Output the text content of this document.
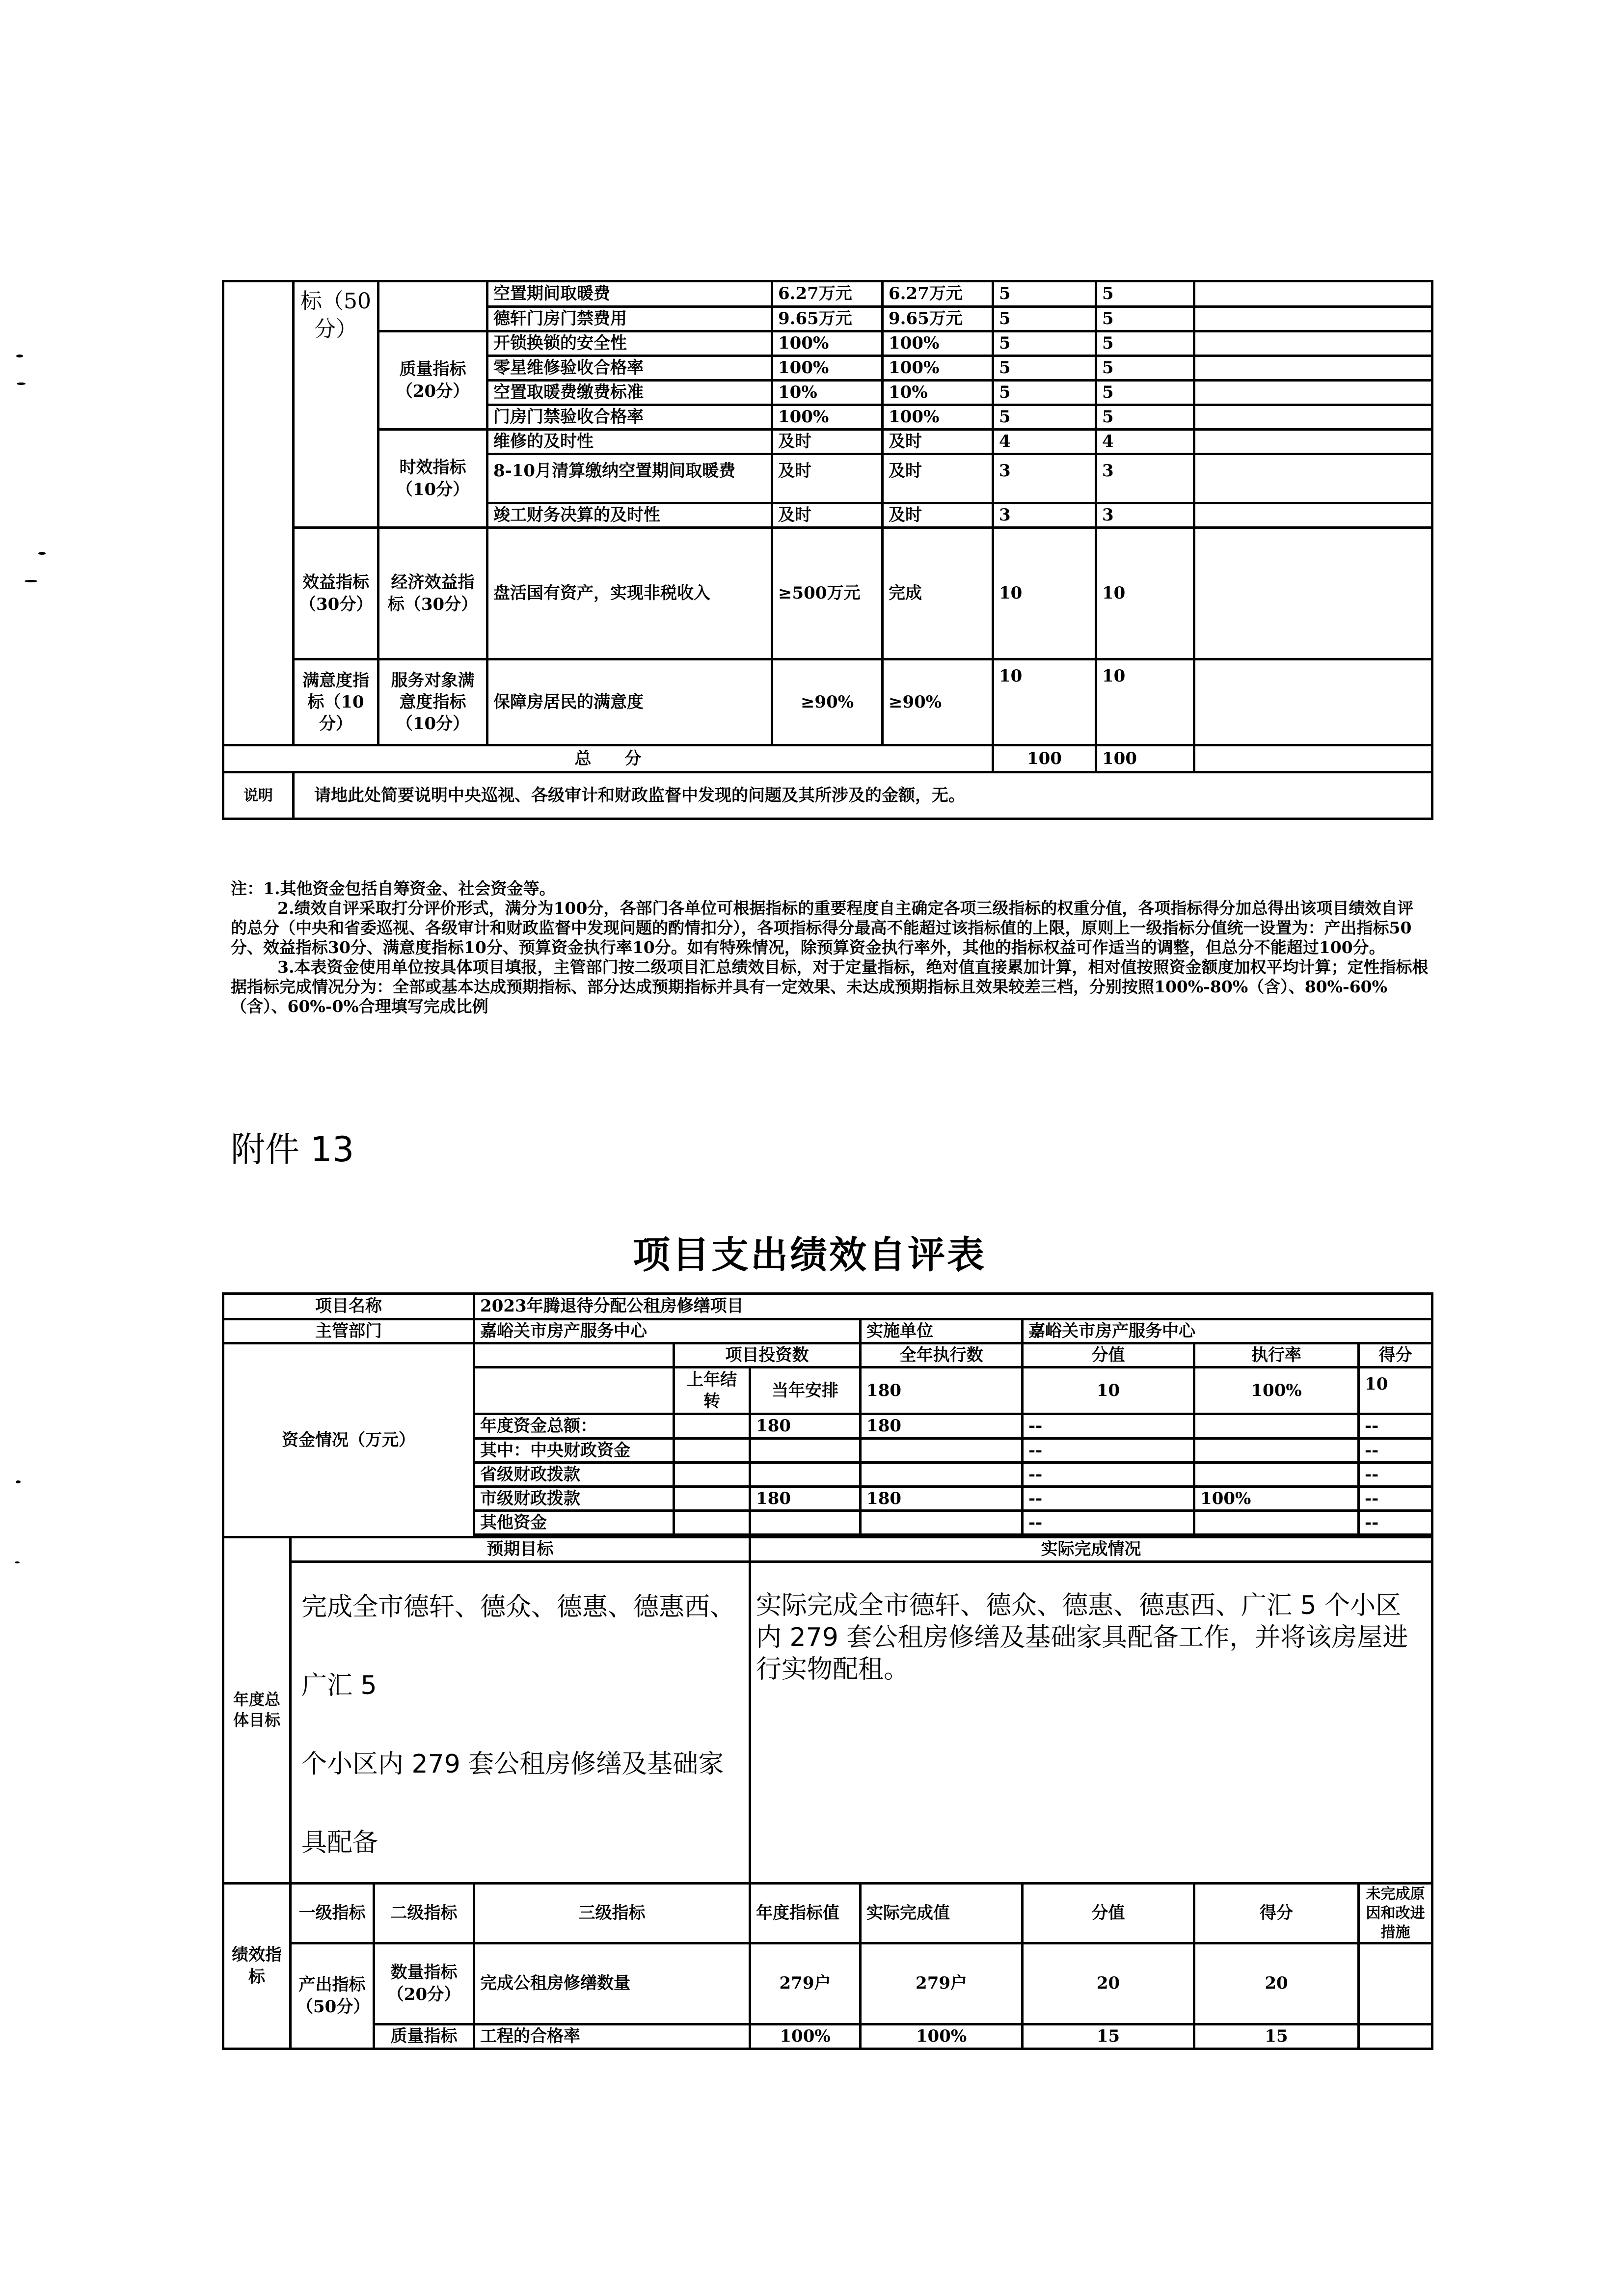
	标（50分）		空置期间取暖费	6.27万元	6.27万元	5	5	
			德轩门房门禁费用	9.65万元	9.65万元	5	5	
		质量指标（20分）	开锁换锁的安全性	100%	100%	5	5	
			零星维修验收合格率	100%	100%	5	5	
			空置取暖费缴费标准	10%	10%	5	5	
			门房门禁验收合格率	100%	100%	5	5	
		时效指标（10分）	维修的及时性	及时	及时	4	4	
			8-10月清算缴纳空置期间取暖费	及时	及时	3	3	
			竣工财务决算的及时性	及时	及时	3	3	
	效益指标（30分）	经济效益指标（30分）	盘活国有资产，实现非税收入	≥500万元	完成	10	10	
	满意度指标（10分）	服务对象满意度指标（10分）	保障房居民的满意度	≥90%	≥90%	10	10	
总　　分						100	100	
说明	请地此处简要说明中央巡视、各级审计和财政监督中发现的问题及其所涉及的金额，无。							

注：1.其他资金包括自筹资金、社会资金等。

2.绩效自评采取打分评价形式，满分为100分，各部门各单位可根据指标的重要程度自主确定各项三级指标的权重分值，各项指标得分加总得出该项目绩效自评的总分（中央和省委巡视、各级审计和财政监督中发现问题的酌情扣分），各项指标得分最高不能超过该指标值的上限，原则上一级指标分值统一设置为：产出指标50分、效益指标30分、满意度指标10分、预算资金执行率10分。如有特殊情况，除预算资金执行率外，其他的指标权益可作适当的调整，但总分不能超过100分。

3.本表资金使用单位按具体项目填报，主管部门按二级项目汇总绩效目标，对于定量指标，绝对值直接累加计算，相对值按照资金额度加权平均计算；定性指标根据指标完成情况分为：全部或基本达成预期指标、部分达成预期指标并具有一定效果、未达成预期指标且效果较差三档，分别按照100%-80%（含）、80%-60%（含）、60%-0%合理填写完成比例

附件 13
项目支出绩效自评表
项目名称			2023年腾退待分配公租房修缮项目						
主管部门			嘉峪关市房产服务中心			实施单位	嘉峪关市房产服务中心		
资金情况（万元）				项目投资数		全年执行数	分值	执行率	得分
				上年结转	当年安排	180	10	100%	10
			年度资金总额：		180	180	--		--
			其中：中央财政资金				--		--
			省级财政拨款				--		--
			市级财政拨款		180	180	--	100%	--
			其他资金				--		--

年度总体目标	预期目标				实际完成情况				

	完成全市德轩、德众、德惠、德惠西、广汇 5
个小区内 279 套公租房修缮及基础家具配备				实际完成全市德轩、德众、德惠、德惠西、广汇 5 个小区内 279 套公租房修缮及基础家具配备工作，并将该房屋进行实物配租。				
绩效指标	一级指标	二级指标	三级指标		年度指标值	实际完成值	分值	得分	未完成原因和改进措施
	产出指标（50分）	数量指标（20分）	完成公租房修缮数量		279户	279户	20	20	
		质量指标	工程的合格率		100%	100%	15	15	
